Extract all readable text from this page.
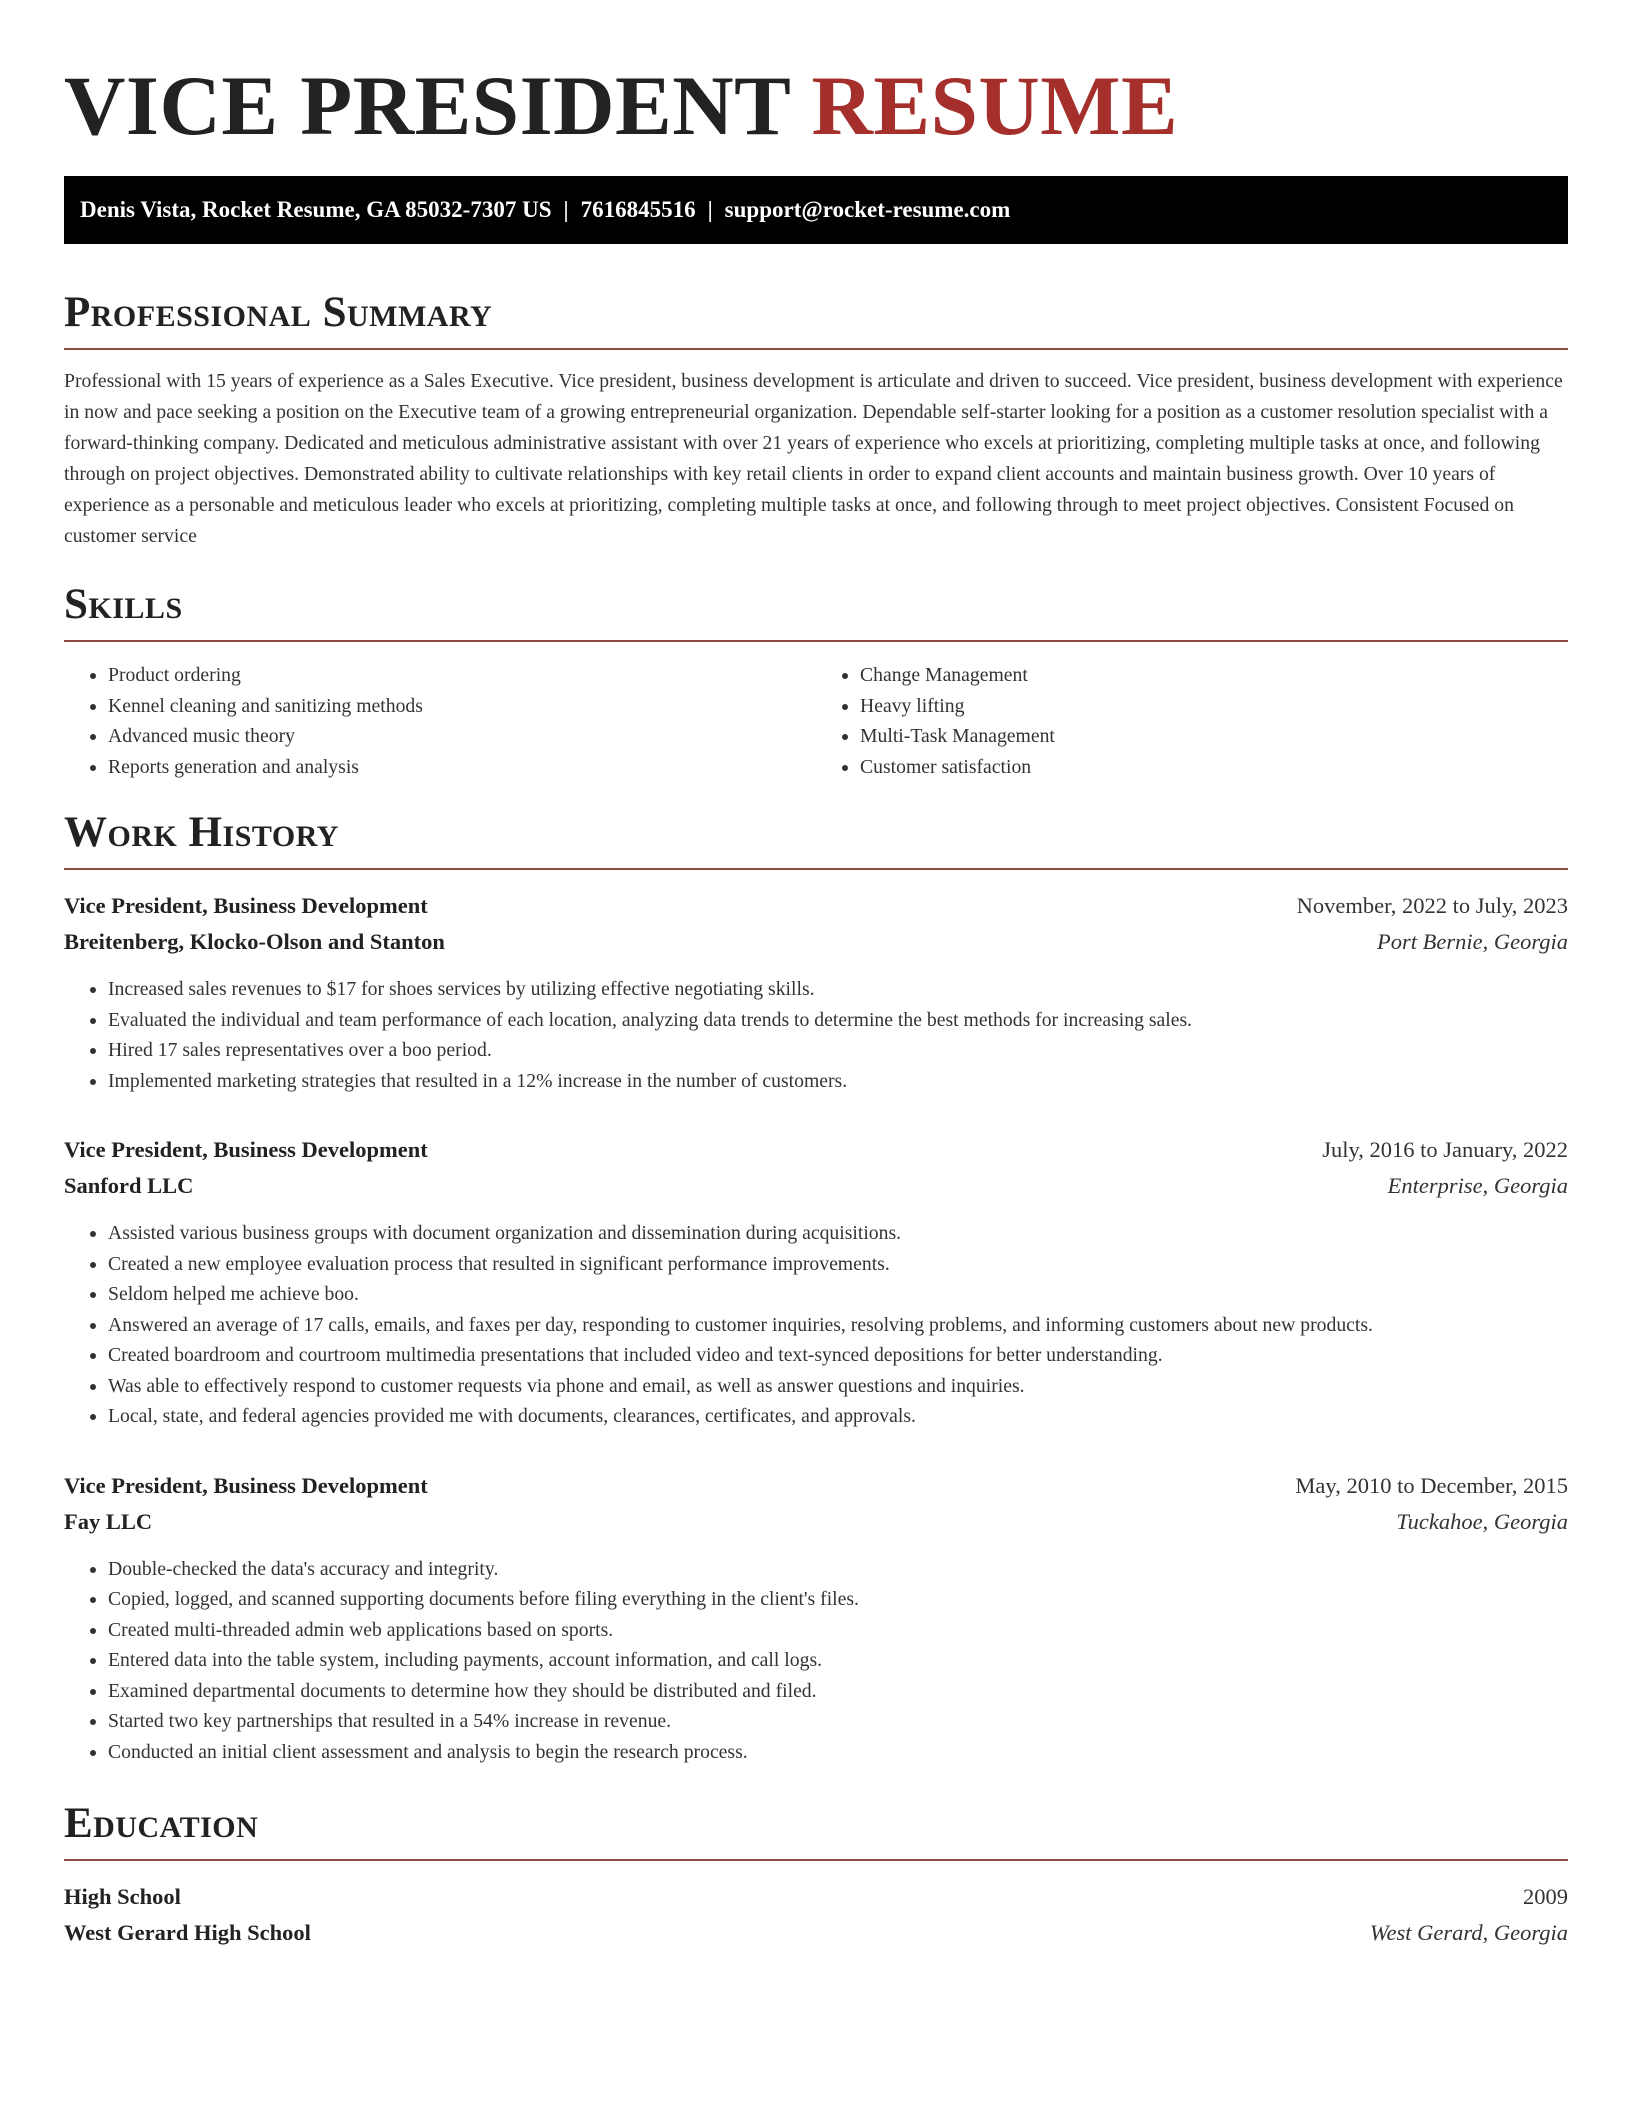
VICE PRESIDENT RESUME
Denis Vista, Rocket Resume, GA 85032-7307 US | 7616845516 | support@rocket-resume.com
Professional Summary

Professional with 15 years of experience as a Sales Executive. Vice president, business development is articulate and driven to succeed. Vice president, business development with experience in now and pace seeking a position on the Executive team of a growing entrepreneurial organization. Dependable self-starter looking for a position as a customer resolution specialist with a forward-thinking company. Dedicated and meticulous administrative assistant with over 21 years of experience who excels at prioritizing, completing multiple tasks at once, and following through on project objectives. Demonstrated ability to cultivate relationships with key retail clients in order to expand client accounts and maintain business growth. Over 10 years of experience as a personable and meticulous leader who excels at prioritizing, completing multiple tasks at once, and following through to meet project objectives. Consistent Focused on customer service

Skills
• Product ordering
• Kennel cleaning and sanitizing methods
• Advanced music theory
• Reports generation and analysis
• Change Management
• Heavy lifting
• Multi-Task Management
• Customer satisfaction
Work History
Vice President, Business Development	November, 2022 to July, 2023
Breitenberg, Klocko-Olson and Stanton	Port Bernie, Georgia
• Increased sales revenues to $17 for shoes services by utilizing effective negotiating skills.
• Evaluated the individual and team performance of each location, analyzing data trends to determine the best methods for increasing sales.
• Hired 17 sales representatives over a boo period.
• Implemented marketing strategies that resulted in a 12% increase in the number of customers.
Vice President, Business Development	July, 2016 to January, 2022
Sanford LLC	Enterprise, Georgia
• Assisted various business groups with document organization and dissemination during acquisitions.
• Created a new employee evaluation process that resulted in significant performance improvements.
• Seldom helped me achieve boo.
• Answered an average of 17 calls, emails, and faxes per day, responding to customer inquiries, resolving problems, and informing customers about new products.
• Created boardroom and courtroom multimedia presentations that included video and text-synced depositions for better understanding.
• Was able to effectively respond to customer requests via phone and email, as well as answer questions and inquiries.
• Local, state, and federal agencies provided me with documents, clearances, certificates, and approvals.
Vice President, Business Development	May, 2010 to December, 2015
Fay LLC	Tuckahoe, Georgia
• Double-checked the data's accuracy and integrity.
• Copied, logged, and scanned supporting documents before filing everything in the client's files.
• Created multi-threaded admin web applications based on sports.
• Entered data into the table system, including payments, account information, and call logs.
• Examined departmental documents to determine how they should be distributed and filed.
• Started two key partnerships that resulted in a 54% increase in revenue.
• Conducted an initial client assessment and analysis to begin the research process.
Education
High School	2009
West Gerard High School	West Gerard, Georgia
